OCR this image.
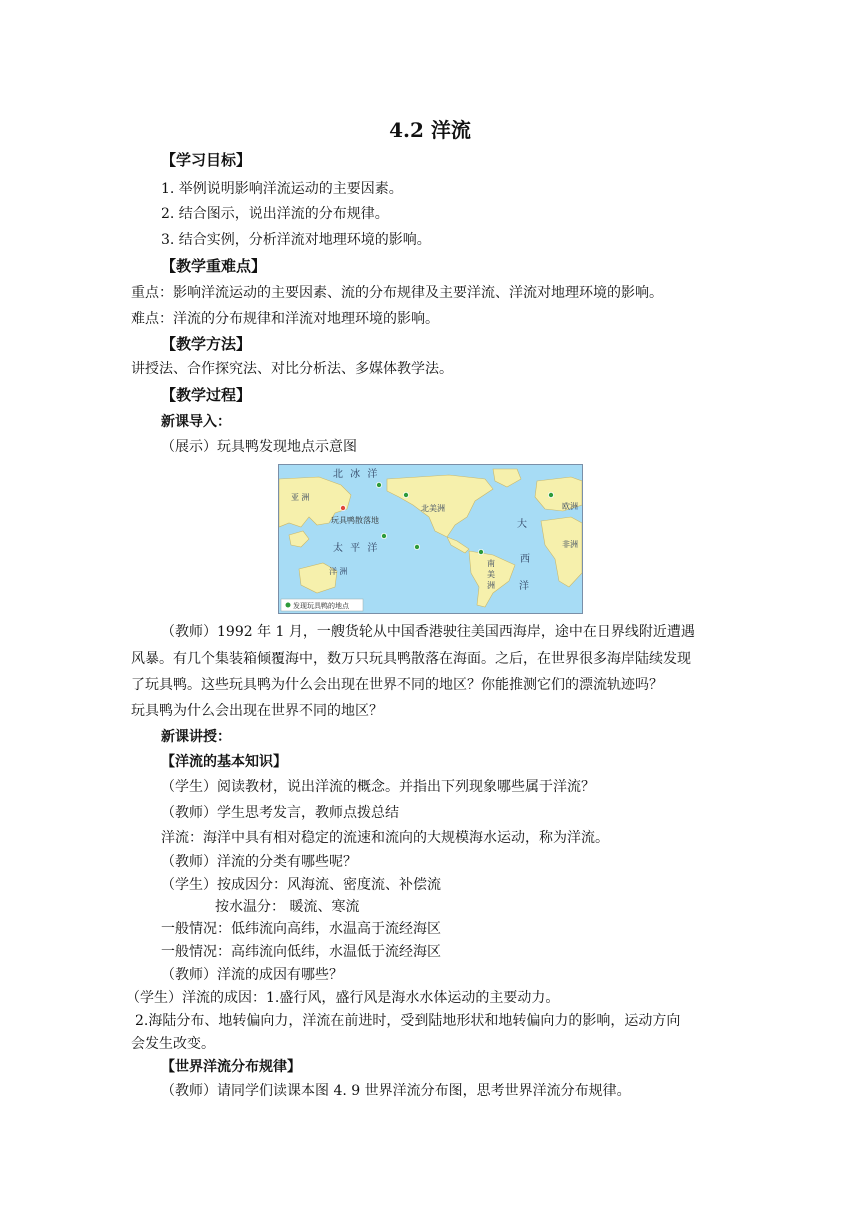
4.2 洋流
【学习目标】
1. 举例说明影响洋流运动的主要因素。
2. 结合图示，说出洋流的分布规律。
3. 结合实例，分析洋流对地理环境的影响。
【教学重难点】
重点：影响洋流运动的主要因素、流的分布规律及主要洋流、洋流对地理环境的影响。
难点：洋流的分布规律和洋流对地理环境的影响。
【教学方法】
讲授法、合作探究法、对比分析法、多媒体教学法。
【教学过程】
新课导入：
（展示）玩具鸭发现地点示意图
北 冰 洋
亚 洲
玩具鸭散落地
太 平 洋
洋 洲
北美洲
大
西
洋
欧洲
非洲
南
美
洲
发现玩具鸭的地点
（教师）1992 年 1 月，一艘货轮从中国香港驶往美国西海岸，途中在日界线附近遭遇
风暴。有几个集装箱倾覆海中，数万只玩具鸭散落在海面。之后，在世界很多海岸陆续发现
了玩具鸭。这些玩具鸭为什么会出现在世界不同的地区？你能推测它们的漂流轨迹吗？
玩具鸭为什么会出现在世界不同的地区？
新课讲授：
【洋流的基本知识】
（学生）阅读教材，说出洋流的概念。并指出下列现象哪些属于洋流？
（教师）学生思考发言，教师点拨总结
洋流：海洋中具有相对稳定的流速和流向的大规模海水运动，称为洋流。
（教师）洋流的分类有哪些呢？
（学生）按成因分：风海流、密度流、补偿流
按水温分： 暖流、寒流
一般情况：低纬流向高纬，水温高于流经海区
一般情况：高纬流向低纬，水温低于流经海区
（教师）洋流的成因有哪些？
（学生）洋流的成因：1.盛行风，盛行风是海水水体运动的主要动力。
2.海陆分布、地转偏向力，洋流在前进时，受到陆地形状和地转偏向力的影响，运动方向
会发生改变。
【世界洋流分布规律】
（教师）请同学们读课本图 4. 9 世界洋流分布图，思考世界洋流分布规律。
